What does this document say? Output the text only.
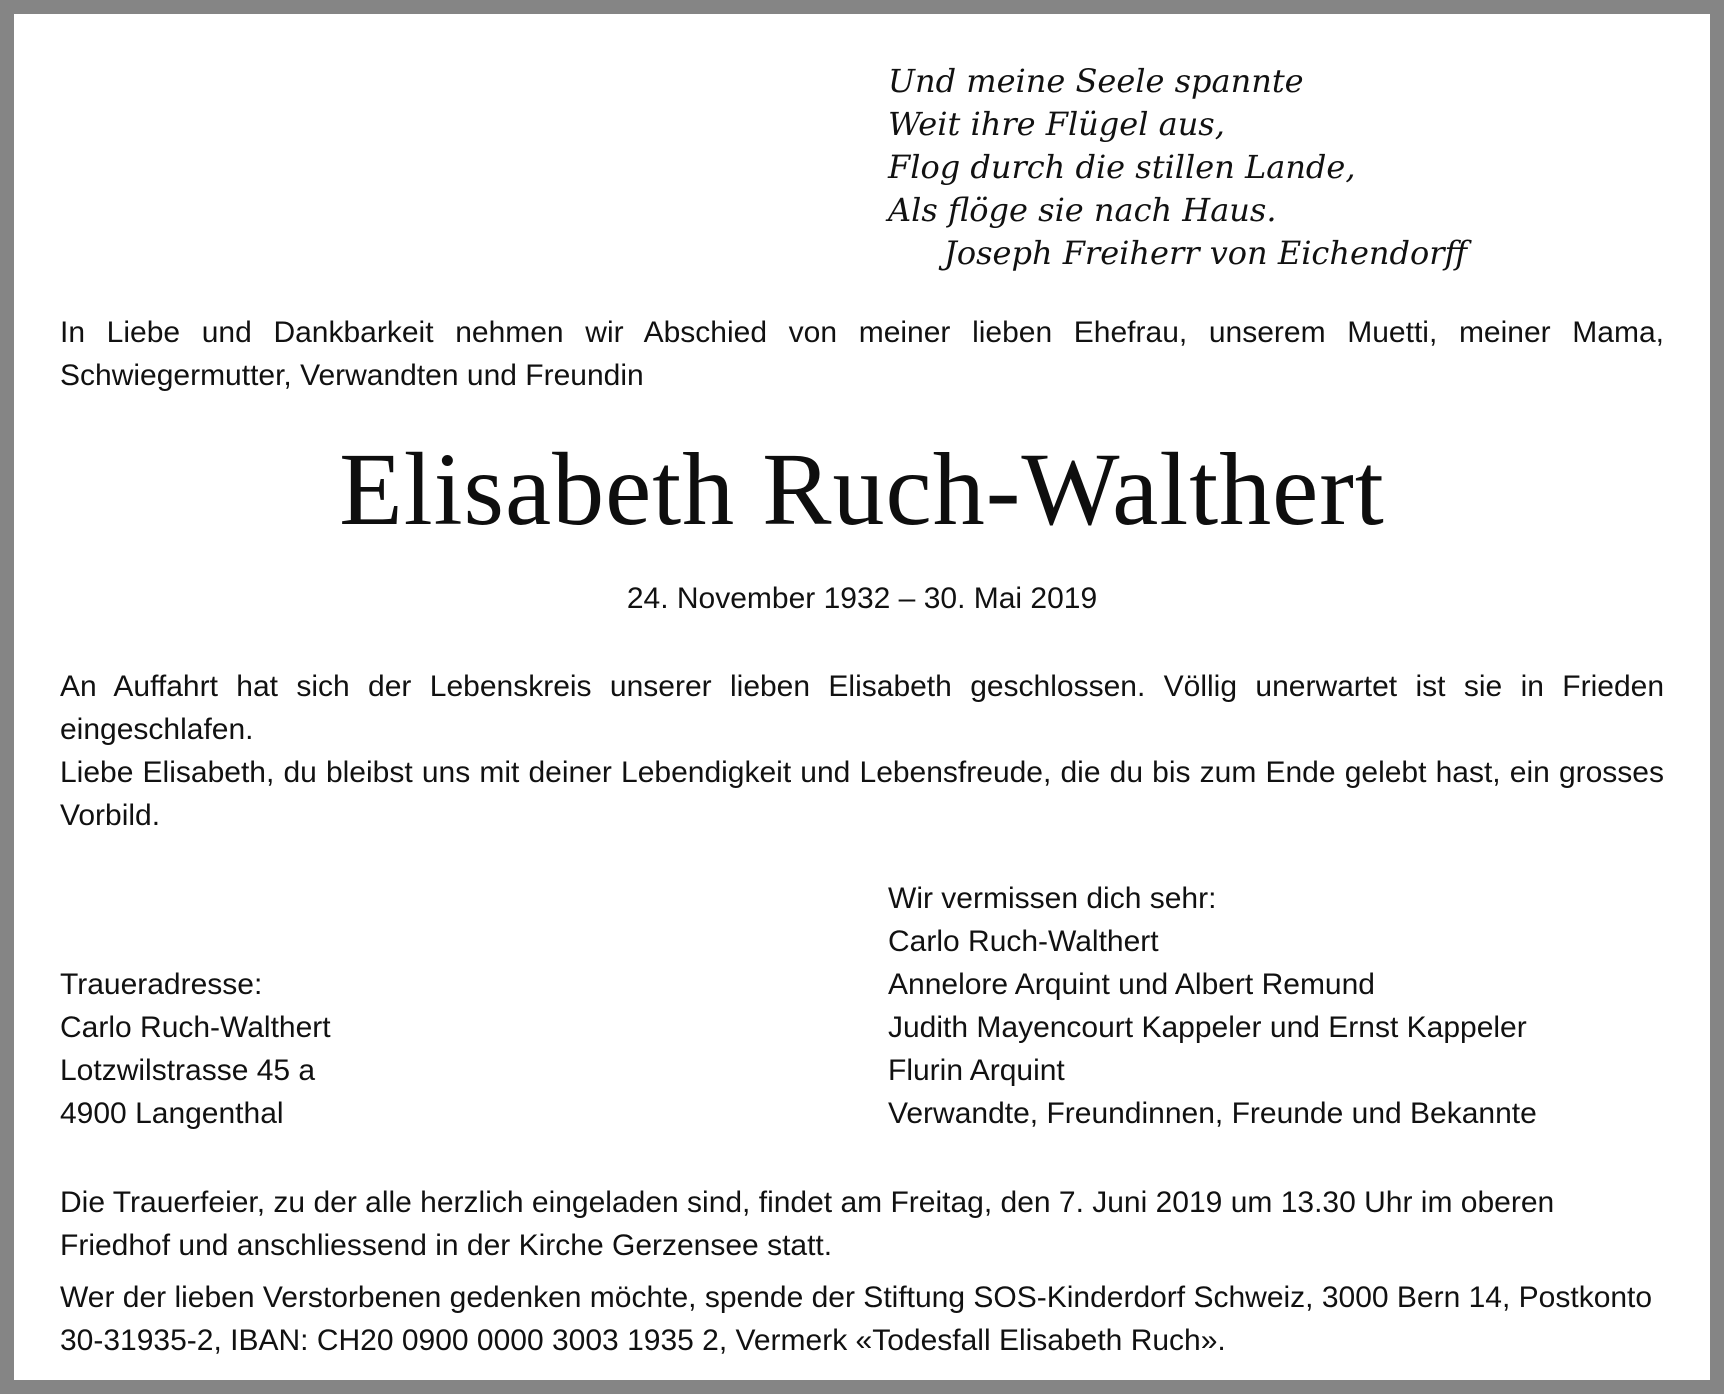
Und meine Seele spannte
Weit ihre Flügel aus,
Flog durch die stillen Lande,
Als flöge sie nach Haus.
Joseph Freiherr von Eichendorff

In Liebe und Dankbarkeit nehmen wir Abschied von meiner lieben Ehefrau, unserem Muetti, meiner Mama, Schwiegermutter, Verwandten und Freundin

Elisabeth Ruch-Walthert
24. November 1932 – 30. Mai 2019

An Auffahrt hat sich der Lebenskreis unserer lieben Elisabeth geschlossen. Völlig unerwartet ist sie in Frieden eingeschlafen.

Liebe Elisabeth, du bleibst uns mit deiner Lebendigkeit und Lebensfreude, die du bis zum Ende gelebt hast, ein grosses Vorbild.

Traueradresse:
Carlo Ruch-Walthert
Lotzwilstrasse 45 a
4900 Langenthal
Wir vermissen dich sehr:
Carlo Ruch-Walthert
Annelore Arquint und Albert Remund
Judith Mayencourt Kappeler und Ernst Kappeler
Flurin Arquint
Verwandte, Freundinnen, Freunde und Bekannte

Die Trauerfeier, zu der alle herzlich eingeladen sind, findet am Freitag, den 7. Juni 2019 um 13.30 Uhr im oberen Friedhof und anschliessend in der Kirche Gerzensee statt.

Wer der lieben Verstorbenen gedenken möchte, spende der Stiftung SOS-Kinderdorf Schweiz, 3000 Bern 14, Postkonto 30-31935-2, IBAN: CH20 0900 0000 3003 1935 2, Vermerk «Todesfall Elisabeth Ruch».
